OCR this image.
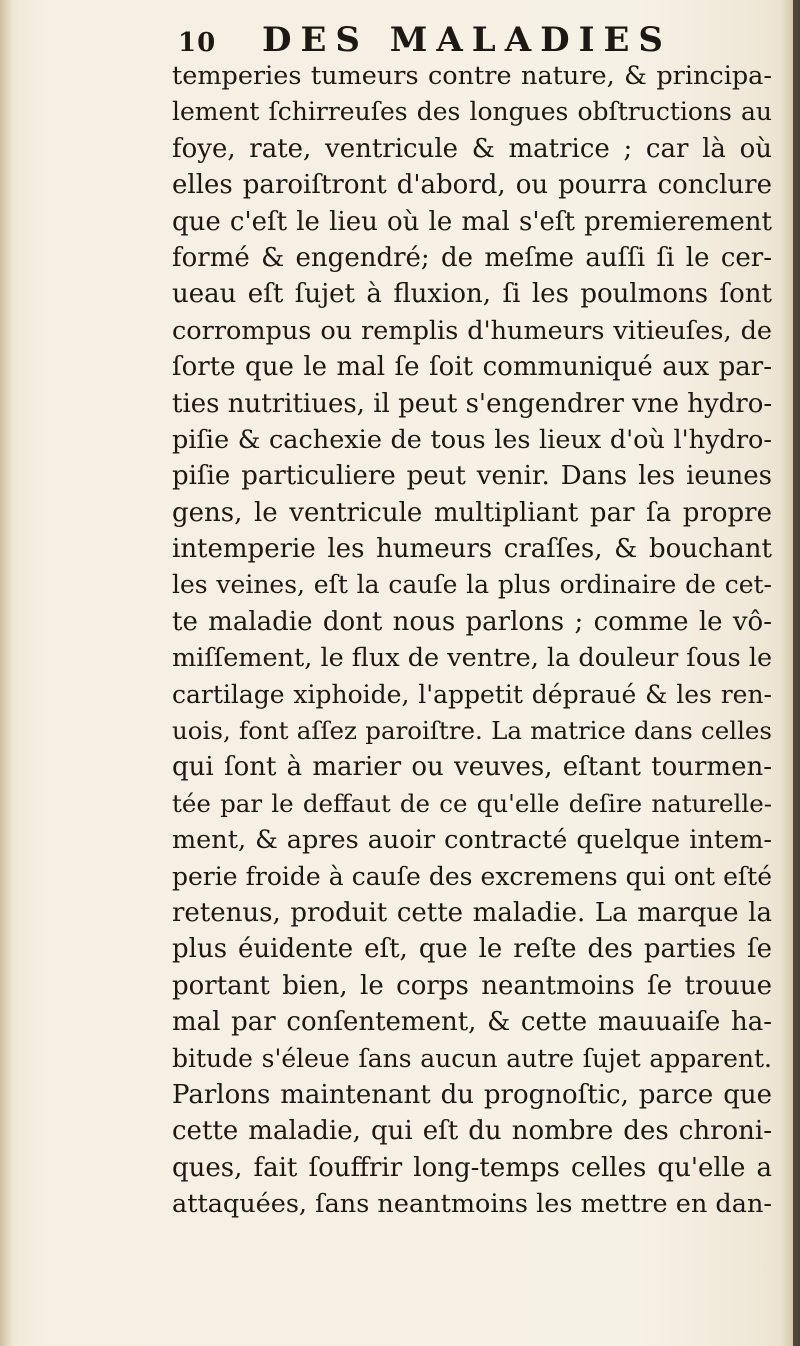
10	DES MALADIES
temperies tumeurs contre nature, & principa-
lement ſchirreuſes des longues obſtructions au
foye, rate, ventricule & matrice ; car là où
elles paroiſtront d'abord, ou pourra conclure
que c'eſt le lieu où le mal s'eſt premierement
formé & engendré; de meſme auſſi ſi le cer-
ueau eſt ſujet à fluxion, ſi les poulmons ſont
corrompus ou remplis d'humeurs vitieuſes, de
ſorte que le mal ſe ſoit communiqué aux par-
ties nutritiues, il peut s'engendrer vne hydro-
piſie & cachexie de tous les lieux d'où l'hydro-
piſie particuliere peut venir. Dans les ieunes
gens, le ventricule multipliant par ſa propre
intemperie les humeurs craſſes, & bouchant
les veines, eſt la cauſe la plus ordinaire de cet-
te maladie dont nous parlons ; comme le vô-
miſſement, le flux de ventre, la douleur ſous le
cartilage xiphoide, l'appetit dépraué & les ren-
uois, font aſſez paroiſtre. La matrice dans celles
qui ſont à marier ou veuves, eſtant tourmen-
tée par le deffaut de ce qu'elle deſire naturelle-
ment, & apres auoir contracté quelque intem-
perie froide à cauſe des excremens qui ont eſté
retenus, produit cette maladie. La marque la
plus éuidente eſt, que le reſte des parties ſe
portant bien, le corps neantmoins ſe trouue
mal par conſentement, & cette mauuaiſe ha-
bitude s'éleue ſans aucun autre ſujet apparent.
Parlons maintenant du prognoſtic, parce que
cette maladie, qui eſt du nombre des chroni-
ques, fait ſouffrir long-temps celles qu'elle a
attaquées, ſans neantmoins les mettre en dan-
